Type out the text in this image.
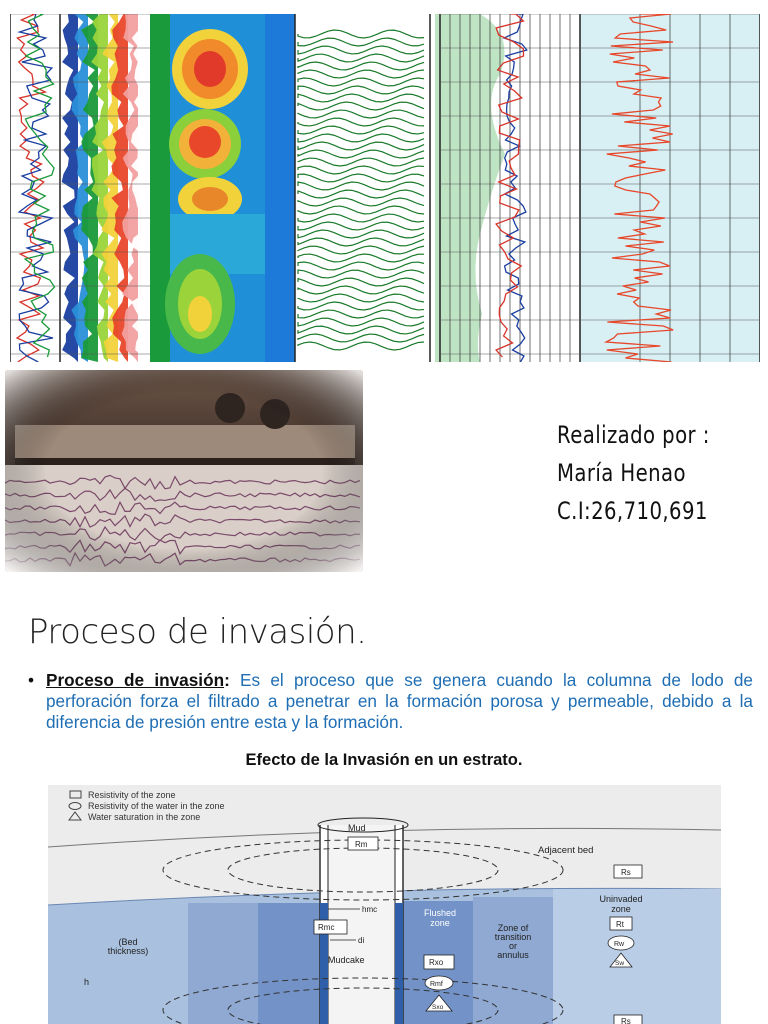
Realizado por :
María Henao
C.I:26,710,691
Proceso de invasión.
• Proceso de invasión: Es el proceso que se genera cuando la columna de lodo de perforación forza el filtrado a penetrar en la formación porosa y permeable, debido a la diferencia de presión entre esta y la formación.
Efecto de la Invasión en un estrato.
Resistivity of the zone
Resistivity of the water in the zone
Water saturation in the zone
Mud
Rm
Adjacent bed
Rs
Uninvaded
zone
Rt
Rw
Sw
Flushed
zone
Rxo
Rmf
Sxo
Zone of
transition
or
annulus
(Bed
thickness)
h
hmc
Rmc
di
Mudcake
Rs
